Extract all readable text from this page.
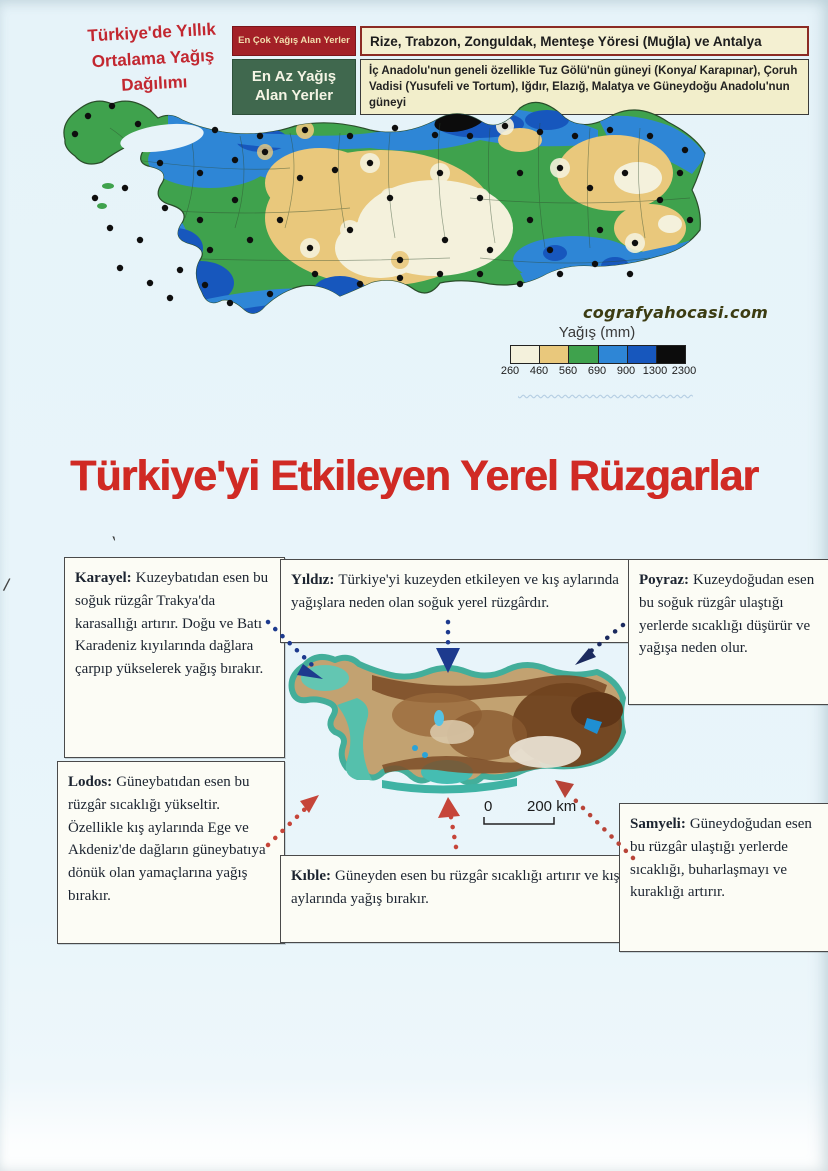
Türkiye'de Yıllık
Ortalama Yağış
Dağılımı
En Çok Yağış Alan Yerler	Rize, Trabzon, Zonguldak, Menteşe Yöresi (Muğla) ve Antalya
En Az Yağış Alan Yerler
İç Anadolu'nun geneli özellikle Tuz Gölü'nün güneyi (Konya/ Karapınar), Çoruh Vadisi (Yusufeli ve Tortum), Iğdır, Elazığ, Malatya ve Güneydoğu Anadolu'nun güneyi
cografyahocasi.com
Yağış (mm)
260 460 560 690 900 1300 2300
Türkiye'yi Etkileyen Yerel Rüzgarlar
‵
/	Karayel: Kuzeybatıdan esen bu soğuk rüzgâr Trakya'da karasallığı artırır. Doğu ve Batı Karadeniz kıyılarında dağlara çarpıp yükselerek yağış bırakır.
Yıldız: Türkiye'yi kuzeyden etkileyen ve kış aylarında yağışlara neden olan soğuk yerel rüzgârdır.
Poyraz: Kuzeydoğudan esen bu soğuk rüzgâr ulaştığı yerlerde sıcaklığı düşürür ve yağışa neden olur.
Lodos: Güneybatıdan esen bu rüzgâr sıcaklığı yükseltir. Özellikle kış aylarında Ege ve Akdeniz'de dağların güneybatıya dönük olan yamaçlarına yağış bırakır.
Kıble: Güneyden esen bu rüzgâr sıcaklığı artırır ve kış aylarında yağış bırakır.
Samyeli: Güneydoğudan esen bu rüzgâr ulaştığı yerlerde sıcaklığı, buharlaşmayı ve kuraklığı artırır.
0 200 km
